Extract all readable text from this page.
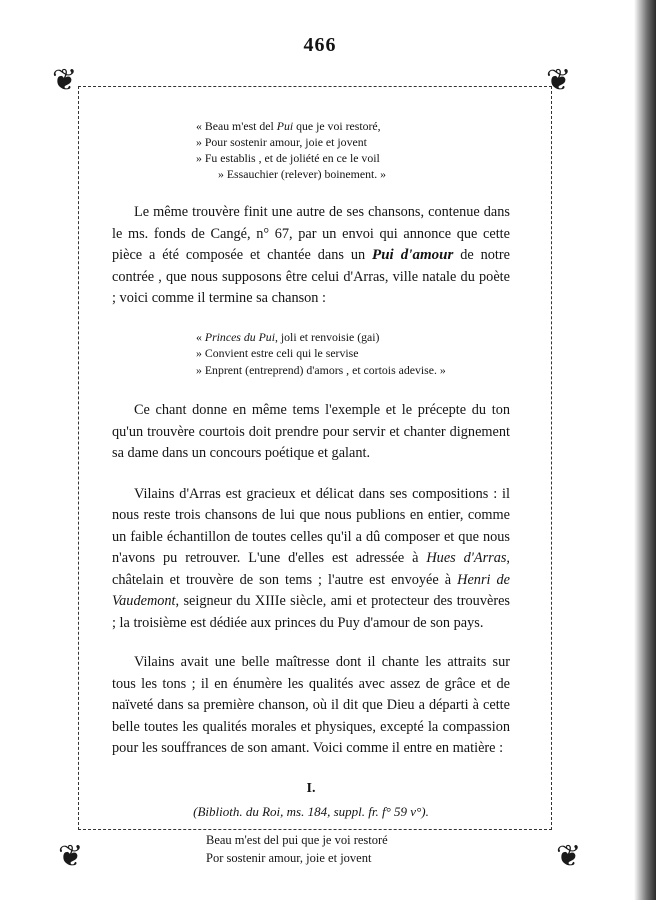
466
❦	❦
❦	❦
« Beau m'est del Pui que je voi restoré,
» Pour sostenir amour, joie et jovent
» Fu establis , et de joliété en ce le voil
» Essauchier (relever) boinement. »

Le même trouvère finit une autre de ses chansons, contenue dans le ms. fonds de Cangé, n° 67, par un envoi qui annonce que cette pièce a été composée et chantée dans un Pui d'amour de notre contrée , que nous supposons être celui d'Arras, ville natale du poète ; voici comme il termine sa chanson :

« Princes du Pui, joli et renvoisie (gai)
» Convient estre celi qui le servise
» Enprent (entreprend) d'amors , et cortois adevise. »

Ce chant donne en même tems l'exemple et le précepte du ton qu'un trouvère courtois doit prendre pour servir et chanter dignement sa dame dans un concours poétique et galant.

Vilains d'Arras est gracieux et délicat dans ses compositions : il nous reste trois chansons de lui que nous publions en entier, comme un faible échantillon de toutes celles qu'il a dû composer et que nous n'avons pu retrouver. L'une d'elles est adressée à Hues d'Arras, châtelain et trouvère de son tems ; l'autre est envoyée à Henri de Vaudemont, seigneur du XIIIe siècle, ami et protecteur des trouvères ; la troisième est dédiée aux princes du Puy d'amour de son pays.

Vilains avait une belle maîtresse dont il chante les attraits sur tous les tons ; il en énumère les qualités avec assez de grâce et de naïveté dans sa première chanson, où il dit que Dieu a départi à cette belle toutes les qualités morales et physiques, excepté la compassion pour les souffrances de son amant. Voici comme il entre en matière :

I.
(Biblioth. du Roi, ms. 184, suppl. fr. f° 59 v°).
Beau m'est del pui que je voi restoré
Por sostenir amour, joie et jovent
